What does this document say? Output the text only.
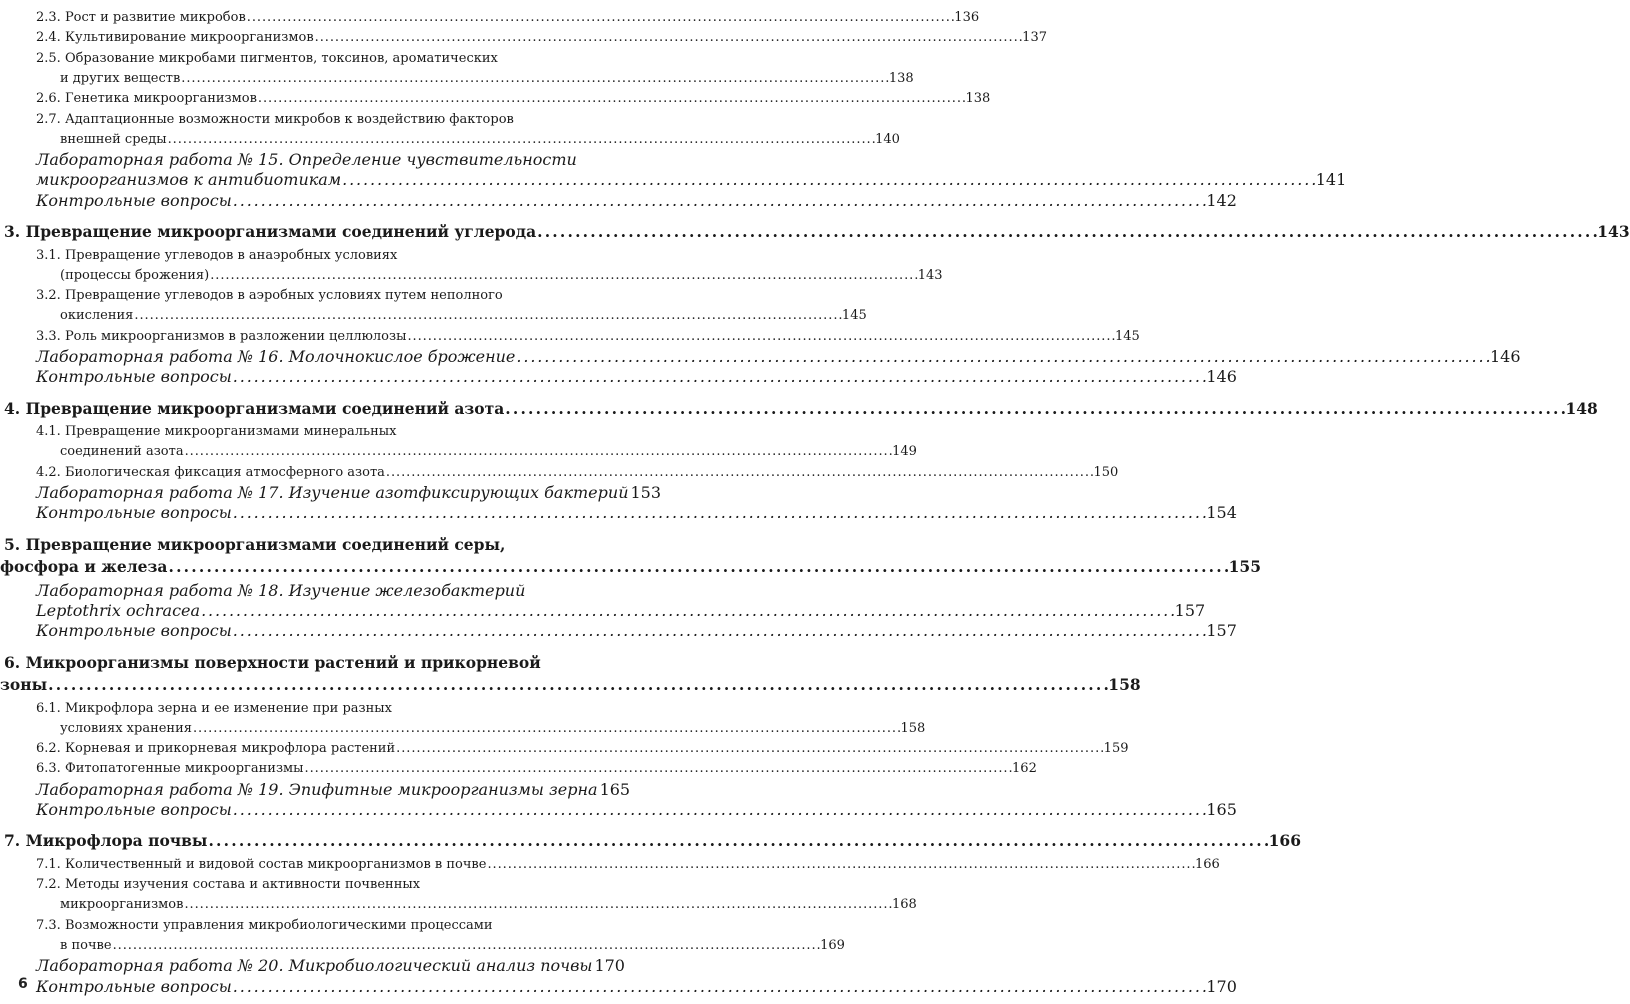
2.3. Рост и развитие микробов . . .	136
2.4. Культивирование микроорганизмов . . .	137
2.5. Образование микробами пигментов, токсинов, ароматических
и других веществ . . .	138
2.6. Генетика микроорганизмов . . .	138
2.7. Адаптационные возможности микробов к воздействию факторов
внешней среды . . .	140
Лабораторная работа № 15. Определение чувствительности
микроорганизмов к антибиотикам . . .	141
Контрольные вопросы . . .	142
3. Превращение микроорганизмами соединений углерода . . .	143
3.1. Превращение углеводов в анаэробных условиях
(процессы брожения) . . .	143
3.2. Превращение углеводов в аэробных условиях путем неполного
окисления . . .	145
3.3. Роль микроорганизмов в разложении целлюлозы . . .	145
Лабораторная работа № 16. Молочнокислое брожение . . .	146
Контрольные вопросы . . .	146
4. Превращение микроорганизмами соединений азота . . .	148
4.1. Превращение микроорганизмами минеральных
соединений азота . . .	149
4.2. Биологическая фиксация атмосферного азота . . .	150
Лабораторная работа № 17. Изучение азотфиксирующих бактерий 153
Контрольные вопросы . . .	154
5. Превращение микроорганизмами соединений серы,
фосфора и железа . . .	155
Лабораторная работа № 18. Изучение железобактерий
Leptothrix ochracea . . .	157
Контрольные вопросы . . .	157
6. Микроорганизмы поверхности растений и прикорневой
зоны . . .	158
6.1. Микрофлора зерна и ее изменение при разных
условиях хранения . . .	158
6.2. Корневая и прикорневая микрофлора растений . . .	159
6.3. Фитопатогенные микроорганизмы . . .	162
Лабораторная работа № 19. Эпифитные микроорганизмы зерна 165
Контрольные вопросы . . .	165
7. Микрофлора почвы . . .	166
7.1. Количественный и видовой состав микроорганизмов в почве . . .	166
7.2. Методы изучения состава и активности почвенных
микроорганизмов . . .	168
7.3. Возможности управления микробиологическими процессами
в почве . . .	169
Лабораторная работа № 20. Микробиологический анализ почвы 170
Контрольные вопросы . . .	170
6
